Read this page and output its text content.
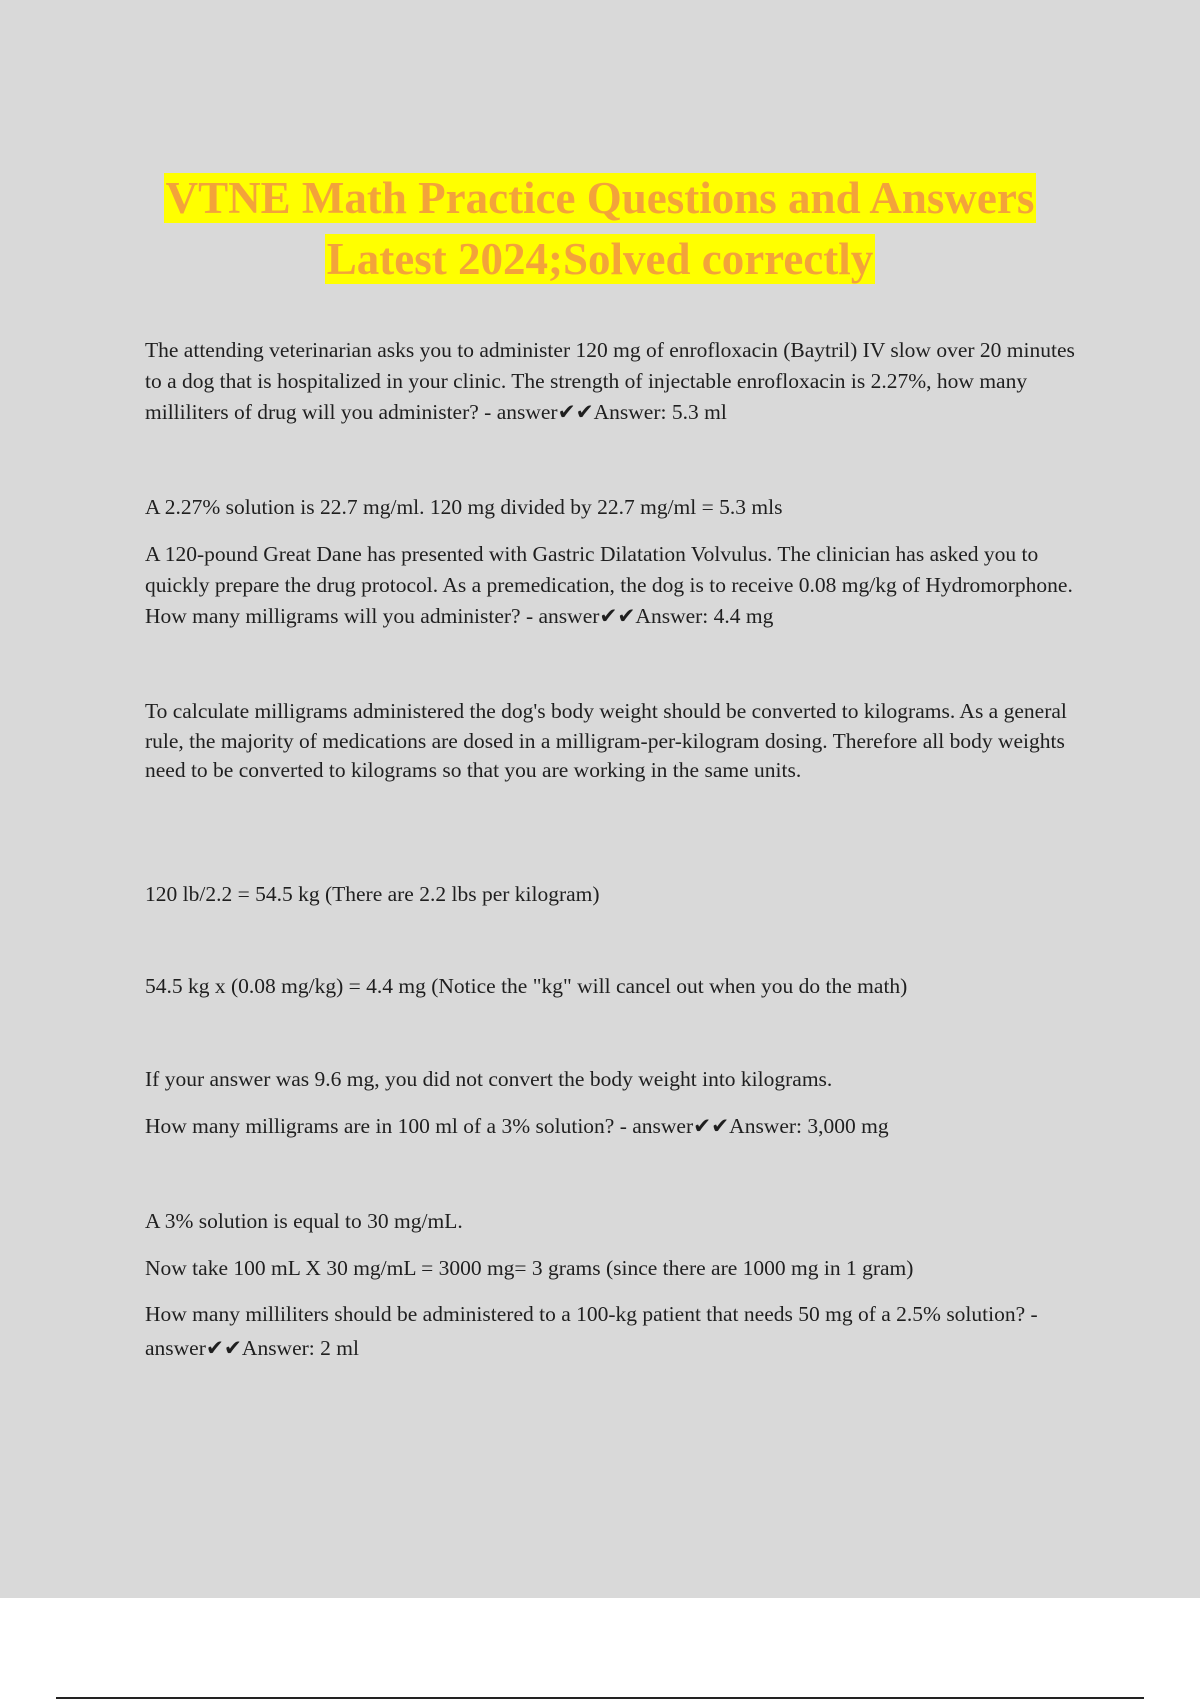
VTNE Math Practice Questions and Answers
Latest 2024;Solved correctly

The attending veterinarian asks you to administer 120 mg of enrofloxacin (Baytril) IV slow over 20 minutes to a dog that is hospitalized in your clinic. The strength of injectable enrofloxacin is 2.27%, how many milliliters of drug will you administer? - answer✔✔Answer: 5.3 ml

A 2.27% solution is 22.7 mg/ml. 120 mg divided by 22.7 mg/ml = 5.3 mls

A 120-pound Great Dane has presented with Gastric Dilatation Volvulus. The clinician has asked you to quickly prepare the drug protocol. As a premedication, the dog is to receive 0.08 mg/kg of Hydromorphone. How many milligrams will you administer? - answer✔✔Answer: 4.4 mg

To calculate milligrams administered the dog's body weight should be converted to kilograms. As a general rule, the majority of medications are dosed in a milligram-per-kilogram dosing. Therefore all body weights need to be converted to kilograms so that you are working in the same units.

120 lb/2.2 = 54.5 kg (There are 2.2 lbs per kilogram)

54.5 kg x (0.08 mg/kg) = 4.4 mg (Notice the "kg" will cancel out when you do the math)

If your answer was 9.6 mg, you did not convert the body weight into kilograms.

How many milligrams are in 100 ml of a 3% solution? - answer✔✔Answer: 3,000 mg

A 3% solution is equal to 30 mg/mL.

Now take 100 mL X 30 mg/mL = 3000 mg= 3 grams (since there are 1000 mg in 1 gram)

How many milliliters should be administered to a 100-kg patient that needs 50 mg of a 2.5% solution? - answer✔✔Answer: 2 ml
